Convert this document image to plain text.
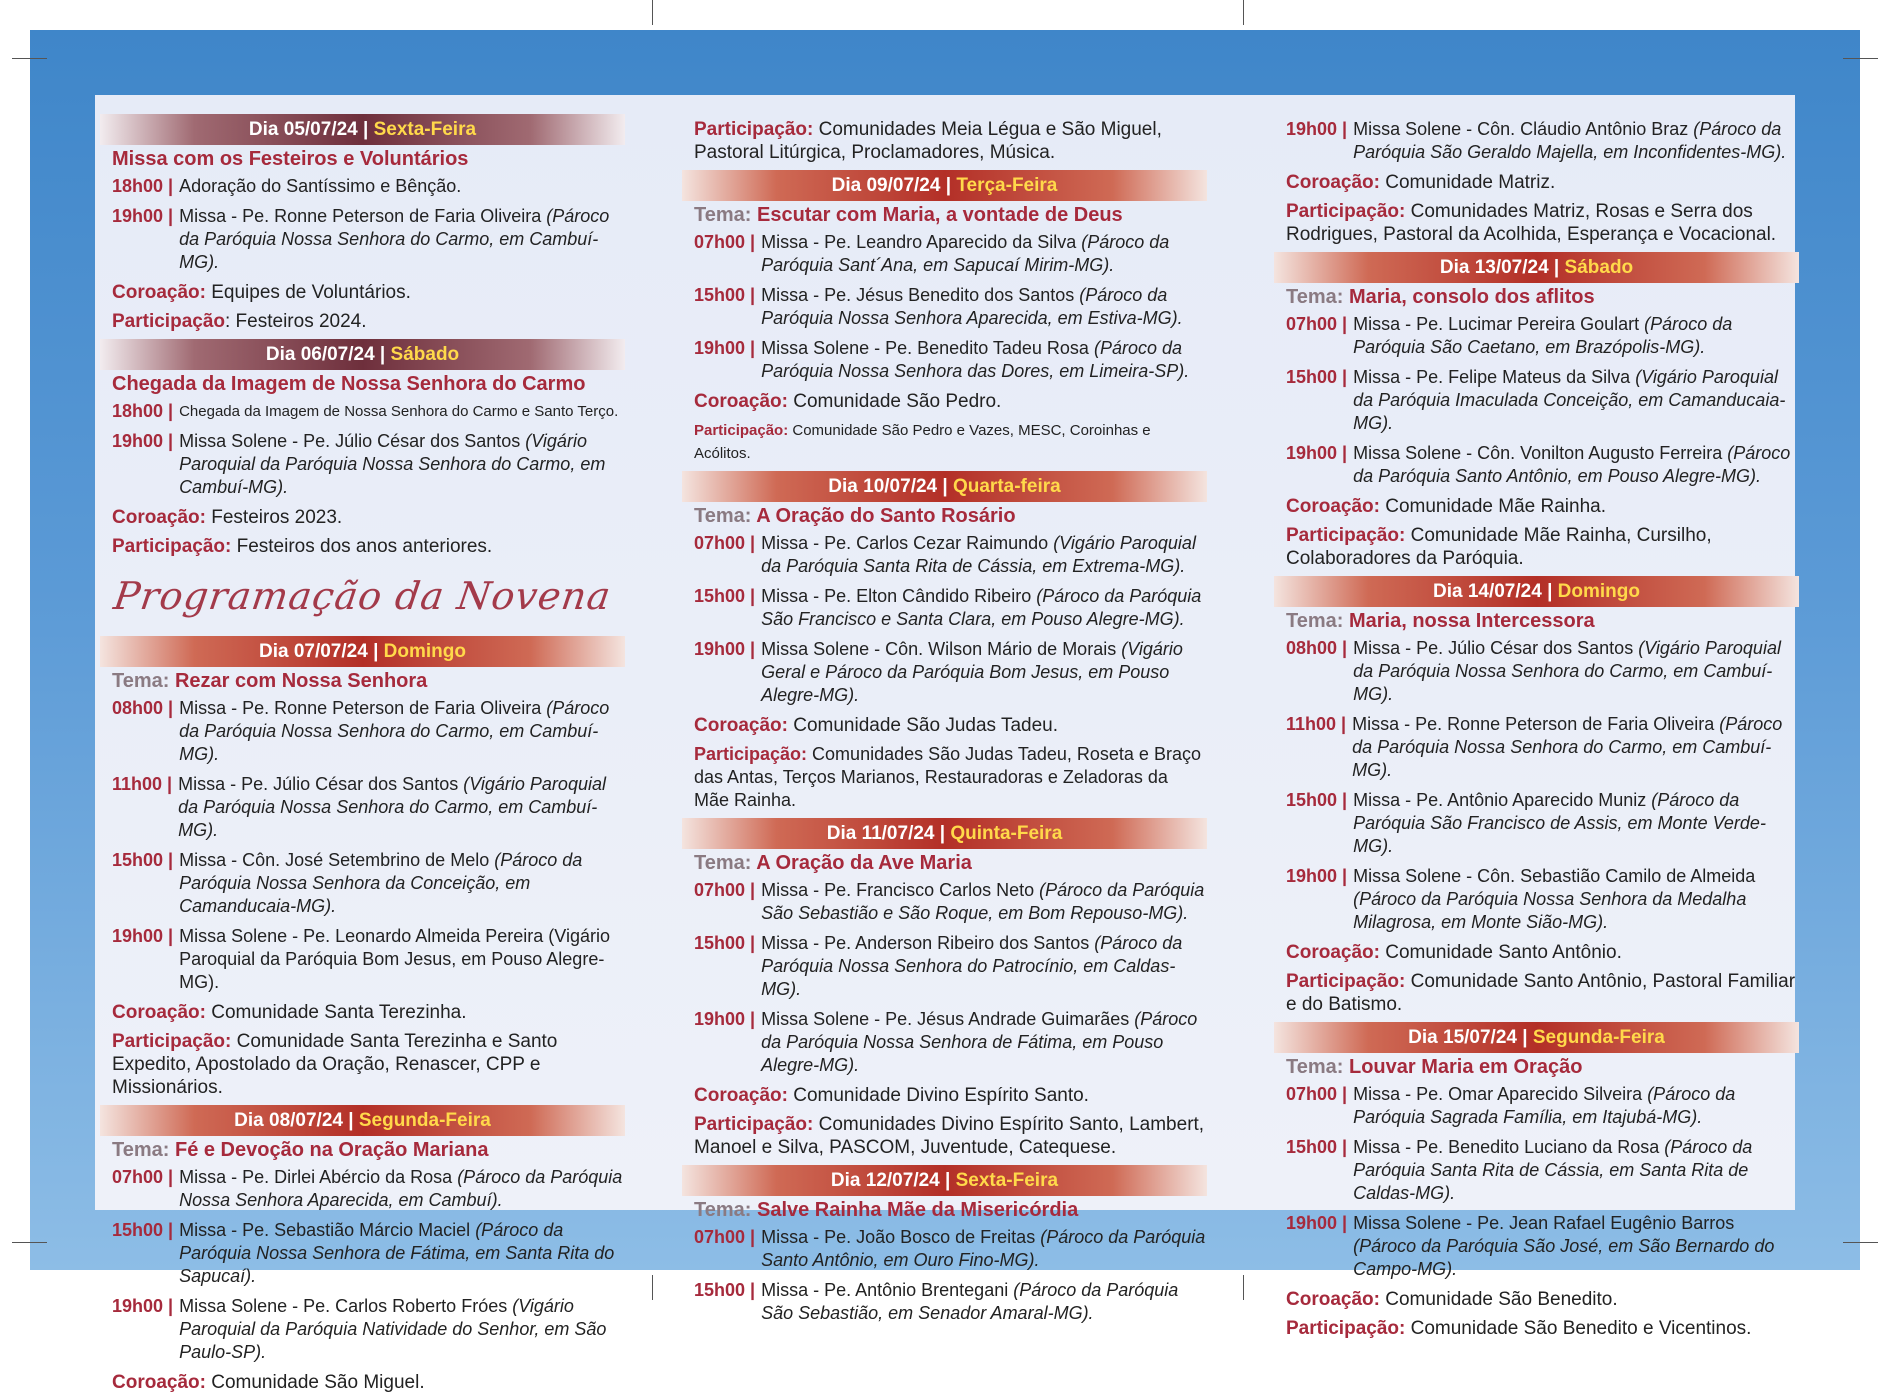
Dia 05/07/24 | Sexta-Feira
Missa com os Festeiros e Voluntários
18h00 | Adoração do Santíssimo e Bênção.
19h00 | Missa - Pe. Ronne Peterson de Faria Oliveira (Pároco da Paróquia Nossa Senhora do Carmo, em Cambuí-MG).
Coroação: Equipes de Voluntários.
Participação: Festeiros 2024.
Dia 06/07/24 | Sábado
Chegada da Imagem de Nossa Senhora do Carmo
18h00 | Chegada da Imagem de Nossa Senhora do Carmo e Santo Terço.
19h00 | Missa Solene - Pe. Júlio César dos Santos (Vigário Paroquial da Paróquia Nossa Senhora do Carmo, em Cambuí-MG).
Coroação: Festeiros 2023.
Participação: Festeiros dos anos anteriores.
Programação da Novena
Dia 07/07/24 | Domingo
Tema: Rezar com Nossa Senhora
08h00 | Missa - Pe. Ronne Peterson de Faria Oliveira (Pároco da Paróquia Nossa Senhora do Carmo, em Cambuí-MG).
11h00 | Missa - Pe. Júlio César dos Santos (Vigário Paroquial da Paróquia Nossa Senhora do Carmo, em Cambuí-MG).
15h00 | Missa - Côn. José Setembrino de Melo (Pároco da Paróquia Nossa Senhora da Conceição, em Camanducaia-MG).
19h00 | Missa Solene - Pe. Leonardo Almeida Pereira (Vigário Paroquial da Paróquia Bom Jesus, em Pouso Alegre-MG).
Coroação: Comunidade Santa Terezinha.
Participação: Comunidade Santa Terezinha e Santo Expedito, Apostolado da Oração, Renascer, CPP e Missionários.
Dia 08/07/24 | Segunda-Feira
Tema: Fé e Devoção na Oração Mariana
07h00 | Missa - Pe. Dirlei Abércio da Rosa (Pároco da Paróquia Nossa Senhora Aparecida, em Cambuí).
15h00 | Missa - Pe. Sebastião Márcio Maciel (Pároco da Paróquia Nossa Senhora de Fátima, em Santa Rita do Sapucaí).
19h00 | Missa Solene - Pe. Carlos Roberto Fróes (Vigário Paroquial da Paróquia Natividade do Senhor, em São Paulo-SP).
Coroação: Comunidade São Miguel.
Participação: Comunidades Meia Légua e São Miguel, Pastoral Litúrgica, Proclamadores, Música.
Dia 09/07/24 | Terça-Feira
Tema: Escutar com Maria, a vontade de Deus
07h00 | Missa - Pe. Leandro Aparecido da Silva (Pároco da Paróquia Sant´Ana, em Sapucaí Mirim-MG).
15h00 | Missa - Pe. Jésus Benedito dos Santos (Pároco da Paróquia Nossa Senhora Aparecida, em Estiva-MG).
19h00 | Missa Solene - Pe. Benedito Tadeu Rosa (Pároco da Paróquia Nossa Senhora das Dores, em Limeira-SP).
Coroação: Comunidade São Pedro.
Participação: Comunidade São Pedro e Vazes, MESC, Coroinhas e Acólitos.
Dia 10/07/24 | Quarta-feira
Tema: A Oração do Santo Rosário
07h00 | Missa - Pe. Carlos Cezar Raimundo (Vigário Paroquial da Paróquia Santa Rita de Cássia, em Extrema-MG).
15h00 | Missa - Pe. Elton Cândido Ribeiro (Pároco da Paróquia São Francisco e Santa Clara, em Pouso Alegre-MG).
19h00 | Missa Solene - Côn. Wilson Mário de Morais (Vigário Geral e Pároco da Paróquia Bom Jesus, em Pouso Alegre-MG).
Coroação: Comunidade São Judas Tadeu.
Participação: Comunidades São Judas Tadeu, Roseta e Braço das Antas, Terços Marianos, Restauradoras e Zeladoras da Mãe Rainha.
Dia 11/07/24 | Quinta-Feira
Tema: A Oração da Ave Maria
07h00 | Missa - Pe. Francisco Carlos Neto (Pároco da Paróquia São Sebastião e São Roque, em Bom Repouso-MG).
15h00 | Missa - Pe. Anderson Ribeiro dos Santos (Pároco da Paróquia Nossa Senhora do Patrocínio, em Caldas-MG).
19h00 | Missa Solene - Pe. Jésus Andrade Guimarães (Pároco da Paróquia Nossa Senhora de Fátima, em Pouso Alegre-MG).
Coroação: Comunidade Divino Espírito Santo.
Participação: Comunidades Divino Espírito Santo, Lambert, Manoel e Silva, PASCOM, Juventude, Catequese.
Dia 12/07/24 | Sexta-Feira
Tema: Salve Rainha Mãe da Misericórdia
07h00 | Missa - Pe. João Bosco de Freitas (Pároco da Paróquia Santo Antônio, em Ouro Fino-MG).
15h00 | Missa - Pe. Antônio Brentegani (Pároco da Paróquia São Sebastião, em Senador Amaral-MG).
19h00 | Missa Solene - Côn. Cláudio Antônio Braz (Pároco da Paróquia São Geraldo Majella, em Inconfidentes-MG).
Coroação: Comunidade Matriz.
Participação: Comunidades Matriz, Rosas e Serra dos Rodrigues, Pastoral da Acolhida, Esperança e Vocacional.
Dia 13/07/24 | Sábado
Tema: Maria, consolo dos aflitos
07h00 | Missa - Pe. Lucimar Pereira Goulart (Pároco da Paróquia São Caetano, em Brazópolis-MG).
15h00 | Missa - Pe. Felipe Mateus da Silva (Vigário Paroquial da Paróquia Imaculada Conceição, em Camanducaia-MG).
19h00 | Missa Solene - Côn. Vonilton Augusto Ferreira (Pároco da Paróquia Santo Antônio, em Pouso Alegre-MG).
Coroação: Comunidade Mãe Rainha.
Participação: Comunidade Mãe Rainha, Cursilho, Colaboradores da Paróquia.
Dia 14/07/24 | Domingo
Tema: Maria, nossa Intercessora
08h00 | Missa - Pe. Júlio César dos Santos (Vigário Paroquial da Paróquia Nossa Senhora do Carmo, em Cambuí-MG).
11h00 | Missa - Pe. Ronne Peterson de Faria Oliveira (Pároco da Paróquia Nossa Senhora do Carmo, em Cambuí-MG).
15h00 | Missa - Pe. Antônio Aparecido Muniz (Pároco da Paróquia São Francisco de Assis, em Monte Verde-MG).
19h00 | Missa Solene - Côn. Sebastião Camilo de Almeida (Pároco da Paróquia Nossa Senhora da Medalha Milagrosa, em Monte Sião-MG).
Coroação: Comunidade Santo Antônio.
Participação: Comunidade Santo Antônio, Pastoral Familiar e do Batismo.
Dia 15/07/24 | Segunda-Feira
Tema: Louvar Maria em Oração
07h00 | Missa - Pe. Omar Aparecido Silveira (Pároco da Paróquia Sagrada Família, em Itajubá-MG).
15h00 | Missa - Pe. Benedito Luciano da Rosa (Pároco da Paróquia Santa Rita de Cássia, em Santa Rita de Caldas-MG).
19h00 | Missa Solene - Pe. Jean Rafael Eugênio Barros (Pároco da Paróquia São José, em São Bernardo do Campo-MG).
Coroação: Comunidade São Benedito.
Participação: Comunidade São Benedito e Vicentinos.
